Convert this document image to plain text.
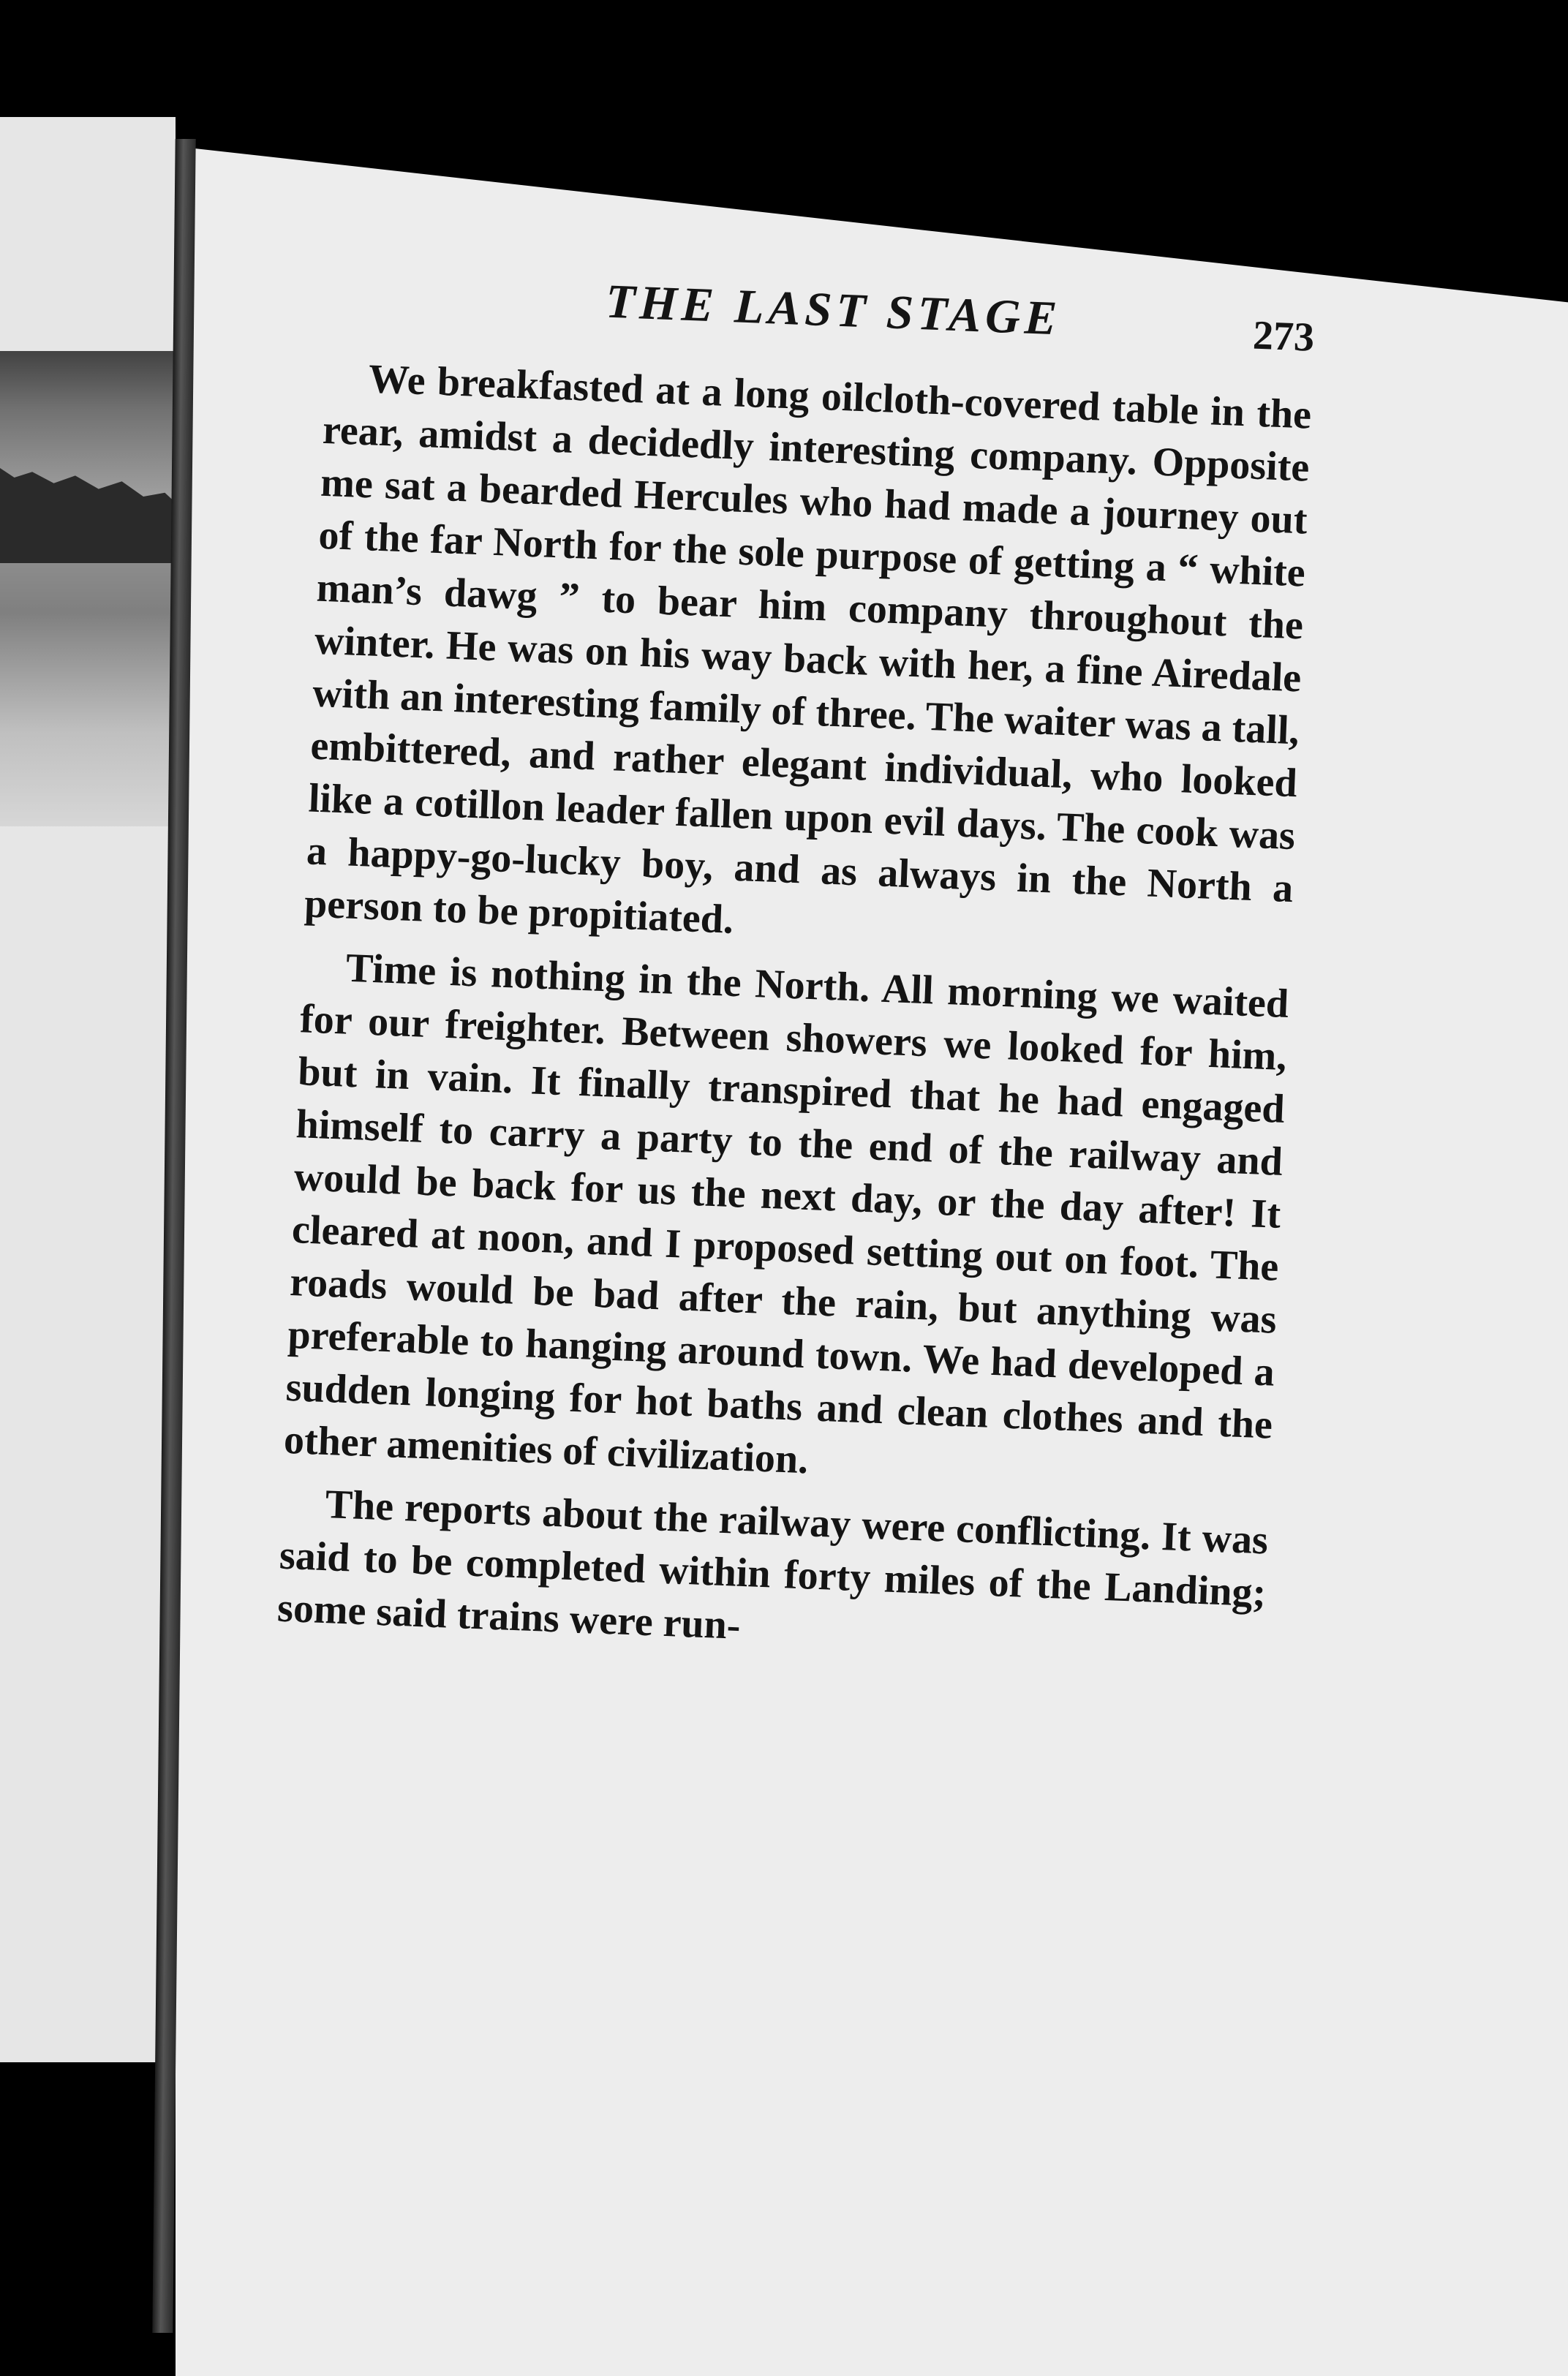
THE LAST STAGE	273

We breakfasted at a long oilcloth-covered table in the rear, amidst a decidedly interesting company. Opposite me sat a bearded Hercules who had made a journey out of the far North for the sole purpose of getting a “ white man’s dawg ” to bear him company throughout the winter. He was on his way back with her, a fine Airedale with an interesting family of three. The waiter was a tall, embittered, and rather elegant individual, who looked like a cotillon leader fallen upon evil days. The cook was a happy-go-lucky boy, and as always in the North a person to be propitiated.

Time is nothing in the North. All morning we waited for our freighter. Between showers we looked for him, but in vain. It finally transpired that he had engaged himself to carry a party to the end of the railway and would be back for us the next day, or the day after! It cleared at noon, and I proposed setting out on foot. The roads would be bad after the rain, but anything was preferable to hanging around town. We had developed a sudden longing for hot baths and clean clothes and the other amenities of civilization.

The reports about the railway were conflicting. It was said to be completed within forty miles of the Landing; some said trains were run-
